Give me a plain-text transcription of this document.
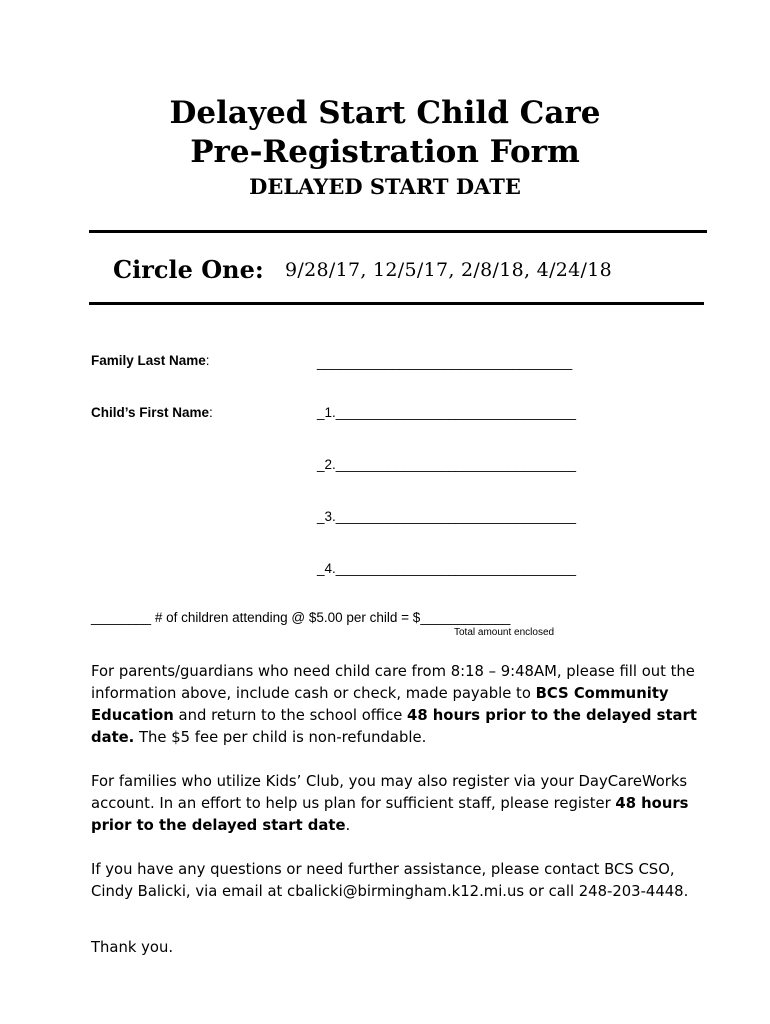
Delayed Start Child Care
Pre-Registration Form
DELAYED START DATE
Circle One: 9/28/17, 12/5/17, 2/8/18, 4/24/18
Family Last Name:	__________________________________
Child’s First Name:	_1.________________________________
_2.________________________________
_3.________________________________
_4.________________________________
________ # of children attending @ $5.00 per child = $____________
Total amount enclosed
For parents/guardians who need child care from 8:18 – 9:48AM, please fill out the information above, include cash or check, made payable to BCS Community Education and return to the school office 48 hours prior to the delayed start date. The $5 fee per child is non-refundable.
For families who utilize Kids’ Club, you may also register via your DayCareWorks account. In an effort to help us plan for sufficient staff, please register 48 hours prior to the delayed start date.
If you have any questions or need further assistance, please contact BCS CSO, Cindy Balicki, via email at cbalicki@birmingham.k12.mi.us or call 248-203-4448.
Thank you.
